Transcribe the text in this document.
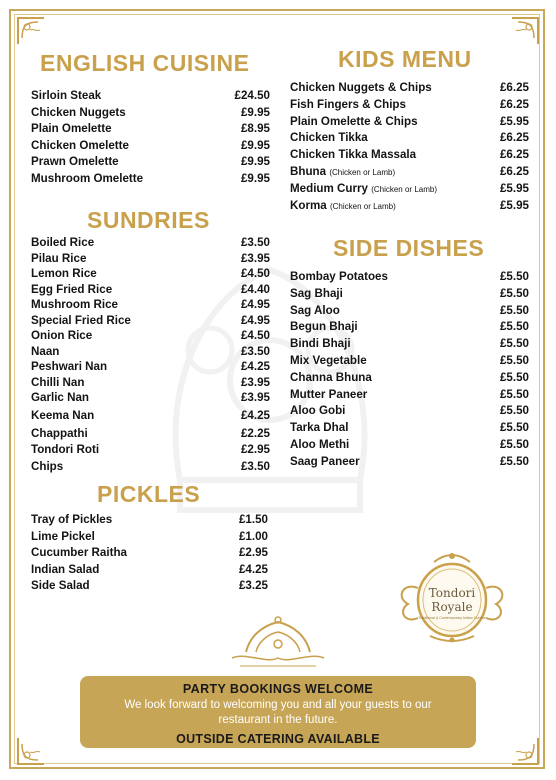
ENGLISH CUISINE
Sirloin Steak	£24.50
Chicken Nuggets	£9.95
Plain Omelette	£8.95
Chicken Omelette	£9.95
Prawn Omelette	£9.95
Mushroom Omelette	£9.95
SUNDRIES
Boiled Rice	£3.50
Pilau Rice	£3.95
Lemon Rice	£4.50
Egg Fried Rice	£4.40
Mushroom Rice	£4.95
Special Fried Rice	£4.95
Onion Rice	£4.50
Naan	£3.50
Peshwari Nan	£4.25
Chilli Nan	£3.95
Garlic Nan	£3.95
Keema Nan	£4.25
Chappathi	£2.25
Tondori Roti	£2.95
Chips	£3.50
PICKLES
Tray of Pickles	£1.50
Lime Pickel	£1.00
Cucumber Raitha	£2.95
Indian Salad	£4.25
Side Salad	£3.25
KIDS MENU
Chicken Nuggets & Chips	£6.25
Fish Fingers & Chips	£6.25
Plain Omelette & Chips	£5.95
Chicken Tikka	£6.25
Chicken Tikka Massala	£6.25
Bhuna (Chicken or Lamb)	£6.25
Medium Curry (Chicken or Lamb)	£5.95
Korma (Chicken or Lamb)	£5.95
SIDE DISHES
Bombay Potatoes	£5.50
Sag Bhaji	£5.50
Sag Aloo	£5.50
Begun Bhaji	£5.50
Bindi Bhaji	£5.50
Mix Vegetable	£5.50
Channa Bhuna	£5.50
Mutter Paneer	£5.50
Aloo Gobi	£5.50
Tarka Dhal	£5.50
Aloo Methi	£5.50
Saag Paneer	£5.50
Tondori
Royale
Traditional & Contemporary Indian Cuisine
PARTY BOOKINGS WELCOME
We look forward to welcoming you and all your guests to our
restaurant in the future.
OUTSIDE CATERING AVAILABLE
